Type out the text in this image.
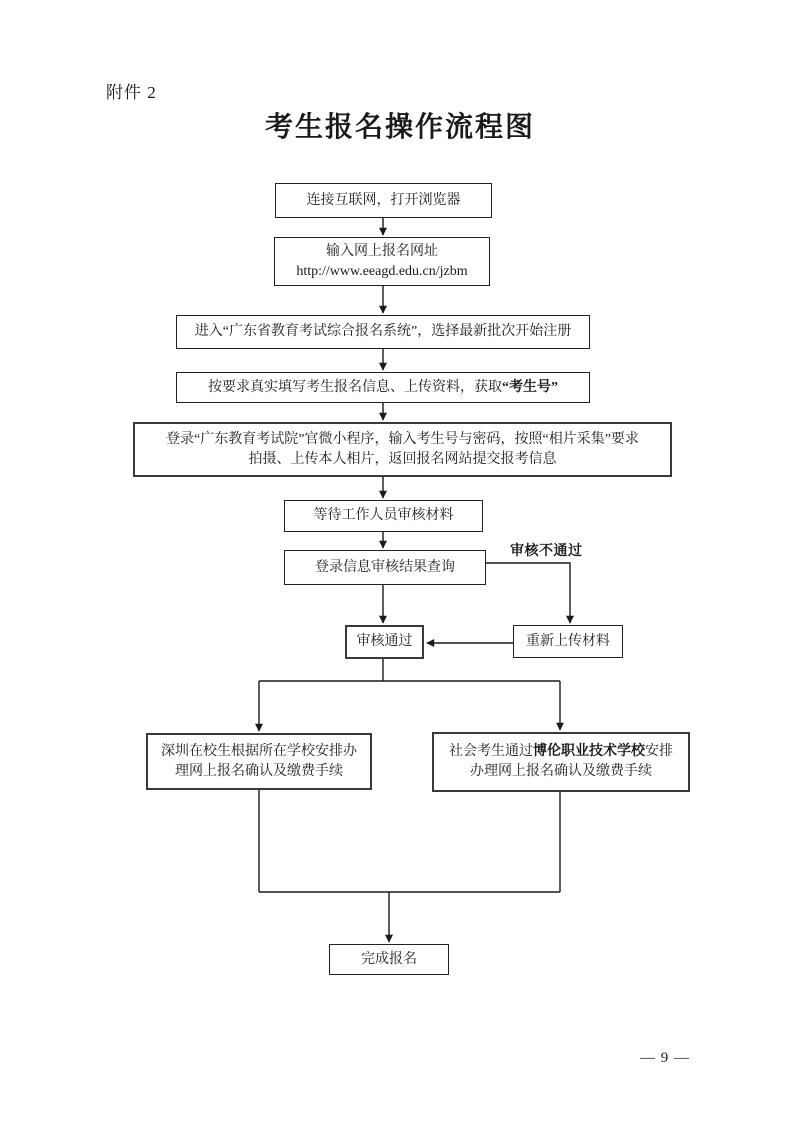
附件 2
考生报名操作流程图
连接互联网，打开浏览器
输入网上报名网址
http://www.eeagd.edu.cn/jzbm
进入“广东省教育考试综合报名系统”，选择最新批次开始注册
按要求真实填写考生报名信息、上传资料，获取“考生号”
登录“广东教育考试院”官微小程序，输入考生号与密码，按照“相片采集”要求
拍摄、上传本人相片，返回报名网站提交报考信息
等待工作人员审核材料
登录信息审核结果查询
审核不通过
审核通过	重新上传材料
深圳在校生根据所在学校安排办
理网上报名确认及缴费手续
社会考生通过博伦职业技术学校安排
办理网上报名确认及缴费手续
完成报名
— 9 —
